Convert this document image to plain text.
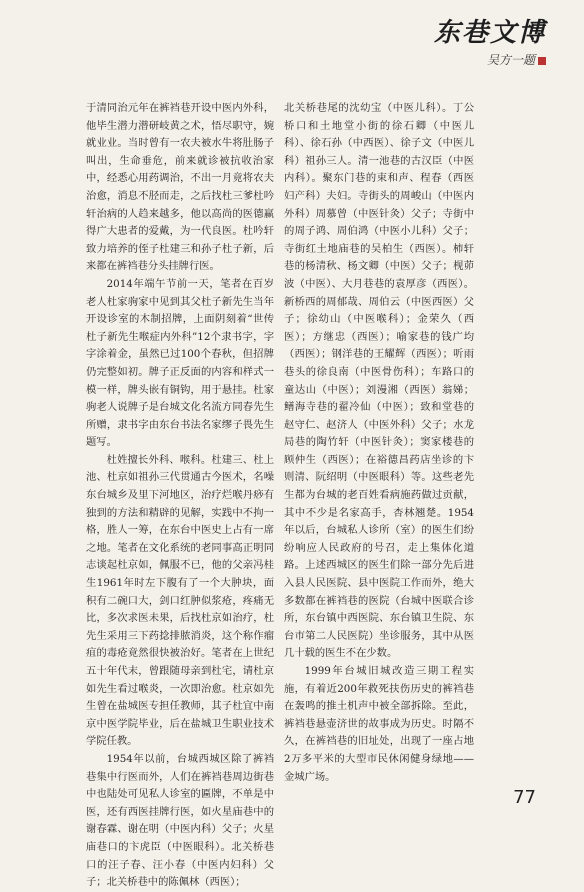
东巷文博
吴方一题

于清同治元年在裤裆巷开设中医内外科，他毕生潜力潜研岐黄之术，悟尽职守，婉就业业。当时曾有一农夫被水牛将肚肠子叫出，生命垂危，前来就诊被抗收治家中，经悉心用药调治，不出一月竟将农夫治愈，消息不胫而走，之后找杜三爹杜吟轩治病的人趋来越多，他以高尚的医德赢得广大患者的爱戴，为一代良医。杜吟轩致力培养的侄子杜建三和孙子杜子新，后来都在裤裆巷分头挂牌行医。

2014年端午节前一天，笔者在百岁老人杜家驹家中见到其父杜子新先生当年开设诊室的木制招牌，上面阴刻着“世传杜子新先生喉症内外科”12个隶书字，字字涂着金，虽然已过100个春秋，但招牌仍完整如初。牌子正反面的内容和样式一模一样，牌头嵌有铜钩，用于悬挂。杜家驹老人说牌子是台城文化名流方同春先生所赠，隶书字由东台书法名家缪子畏先生题写。

杜姓擅长外科、喉科。杜建三、杜上池、杜京如祖孙三代贯通古今医术，名噪东台城乡及里下河地区，治疗烂喉丹痧有独到的方法和精辟的见解，实践中不拘一格，胜人一筹，在东台中医史上占有一席之地。笔者在文化系统的老同事高正明同志谈起杜京如，佩服不已，他的父亲冯桂生1961年时左下腹有了一个大肿块，面积有二碗口大，剑口红肿似浆疮，疼痛无比，多次求医未果，后找杜京如治疗，杜先生采用三下药捻排脓消炎，这个称作瘤疽的毒疮竟然很快被治好。笔者在上世纪五十年代末，曾跟随母亲到杜宅，请杜京如先生看过喉炎，一次即治愈。杜京如先生曾在盐城医专担任教师，其子杜宜中南京中医学院毕业，后在盐城卫生职业技术学院任教。

1954年以前，台城西城区除了裤裆巷集中行医而外，人们在裤裆巷周边街巷中也陆处可见私人诊室的匾牌，不单是中医，还有西医挂牌行医，如火星庙巷中的谢春霖、谢在明（中医内科）父子；火星庙巷口的卞虎臣（中医眼科）。北关桥巷口的汪子春、汪小春（中医内妇科）父子；北关桥巷中的陈佩林（西医）；

北关桥巷尾的沈幼宝（中医儿科）。丁公桥口和土地堂小街的徐石卿（中医儿科）、徐石孙（中西医）、徐子文（中医儿科）祖孙三人。清一池巷的古汉臣（中医内科）。聚东门巷的束和声、程春（西医妇产科）夫妇。寺街头的周峻山（中医内外科）周慕曾（中医针灸）父子；寺街中的周子鸿、周伯鸿（中医小儿科）父子；寺街红土地庙巷的吴柏生（西医）。柿轩巷的杨清秋、杨文卿（中医）父子；枧茆波（中医）、大月巷巷的袁厚彦（西医）。新桥西的周郁哉、周伯云（中医西医）父子；徐幼山（中医喉科）；金荣久（西医）；方继忠（西医）；喻家巷的钱广均（西医）；钢洋巷的王耀辉（西医）；听雨巷头的徐良南（中医骨伤科）；车路口的童达山（中医）；刘漫湘（西医）翁娣；鳝海寺巷的翟冷仙（中医）；致和堂巷的赵守仁、赵济人（中医外科）父子；水龙局巷的陶竹轩（中医针灸）；窦家楼巷的顾仲生（西医）；在裕德昌药店坐诊的卞则清、阮绍明（中医眼科）等。这些老先生都为台城的老百姓看病施药做过贡献，其中不少是名家高手，杏林翘楚。1954年以后，台城私人诊所（室）的医生们纷纷响应人民政府的号召，走上集体化道路。上述西城区的医生们除一部分先后进入县人民医院、县中医院工作而外，绝大多数都在裤裆巷的医院（台城中医联合诊所，东台镇中西医院、东台镇卫生院、东台市第二人民医院）坐诊服务，其中从医几十载的医生不在少数。

1999年台城旧城改造三期工程实施，有着近200年救死扶伤历史的裤裆巷在轰鸣的推土机声中被全部拆除。至此，裤裆巷悬壶济世的故事成为历史。时隔不久，在裤裆巷的旧址处，出现了一座占地2万多平米的大型市民休闲健身绿地——金城广场。

77
